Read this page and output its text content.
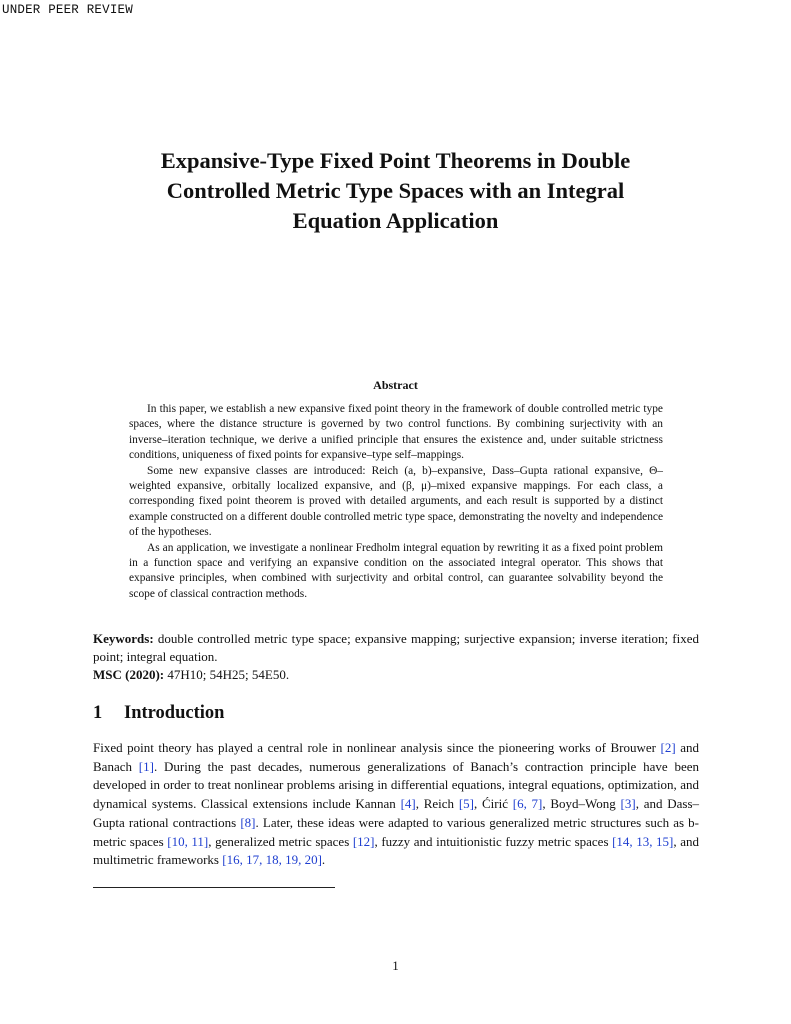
UNDER PEER REVIEW
Expansive-Type Fixed Point Theorems in Double
Controlled Metric Type Spaces with an Integral
Equation Application
Abstract

In this paper, we establish a new expansive fixed point theory in the framework of double controlled metric type spaces, where the distance structure is governed by two control functions. By combining surjectivity with an inverse–iteration technique, we derive a unified principle that ensures the existence and, under suitable strictness conditions, uniqueness of fixed points for expansive–type self–mappings.

Some new expansive classes are introduced: Reich (a, b)–expansive, Dass–Gupta rational expansive, Θ–weighted expansive, orbitally localized expansive, and (β, μ)–mixed expansive mappings. For each class, a corresponding fixed point theorem is proved with detailed arguments, and each result is supported by a distinct example constructed on a different double controlled metric type space, demonstrating the novelty and independence of the hypotheses.

As an application, we investigate a nonlinear Fredholm integral equation by rewriting it as a fixed point problem in a function space and verifying an expansive condition on the associated integral operator. This shows that expansive principles, when combined with surjectivity and orbital control, can guarantee solvability beyond the scope of classical contraction methods.

Keywords: double controlled metric type space; expansive mapping; surjective expansion; inverse iteration; fixed point; integral equation.

MSC (2020): 47H10; 54H25; 54E50.

1 Introduction

Fixed point theory has played a central role in nonlinear analysis since the pioneering works of Brouwer [2] and Banach [1]. During the past decades, numerous generalizations of Banach’s contraction principle have been developed in order to treat nonlinear problems arising in differential equations, integral equations, optimization, and dynamical systems. Classical extensions include Kannan [4], Reich [5], Ćirić [6, 7], Boyd–Wong [3], and Dass–Gupta rational contractions [8]. Later, these ideas were adapted to various generalized metric structures such as b-metric spaces [10, 11], generalized metric spaces [12], fuzzy and intuitionistic fuzzy metric spaces [14, 13, 15], and multimetric frameworks [16, 17, 18, 19, 20].

1
